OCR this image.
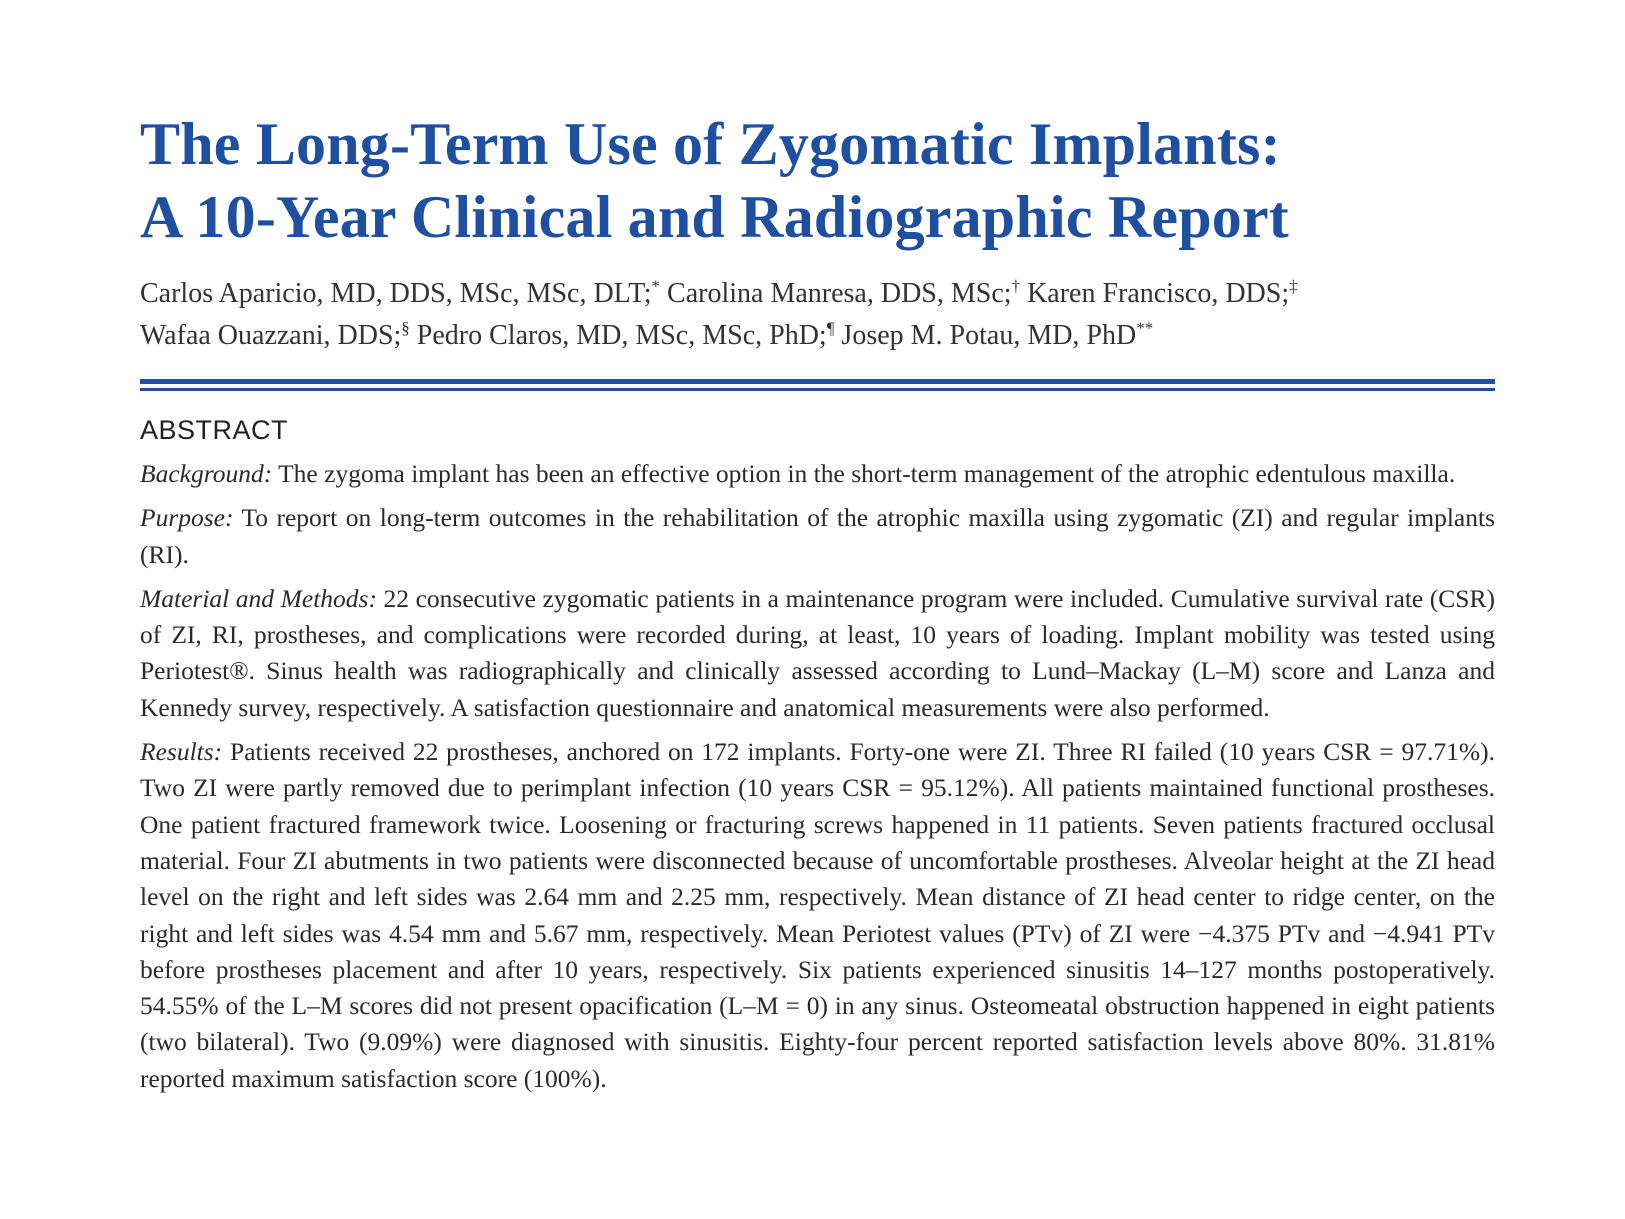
The Long-Term Use of Zygomatic Implants:
A 10-Year Clinical and Radiographic Report
Carlos Aparicio, MD, DDS, MSc, MSc, DLT;* Carolina Manresa, DDS, MSc;† Karen Francisco, DDS;‡
Wafaa Ouazzani, DDS;§ Pedro Claros, MD, MSc, MSc, PhD;¶ Josep M. Potau, MD, PhD**
ABSTRACT

Background: The zygoma implant has been an effective option in the short-term management of the atrophic edentulous maxilla.

Purpose: To report on long-term outcomes in the rehabilitation of the atrophic maxilla using zygomatic (ZI) and regular implants (RI).

Material and Methods: 22 consecutive zygomatic patients in a maintenance program were included. Cumulative survival rate (CSR) of ZI, RI, prostheses, and complications were recorded during, at least, 10 years of loading. Implant mobility was tested using Periotest®. Sinus health was radiographically and clinically assessed according to Lund–Mackay (L–M) score and Lanza and Kennedy survey, respectively. A satisfaction questionnaire and anatomical measurements were also performed.

Results: Patients received 22 prostheses, anchored on 172 implants. Forty-one were ZI. Three RI failed (10 years CSR = 97.71%). Two ZI were partly removed due to perimplant infection (10 years CSR = 95.12%). All patients maintained functional prostheses. One patient fractured framework twice. Loosening or fracturing screws happened in 11 patients. Seven patients fractured occlusal material. Four ZI abutments in two patients were disconnected because of uncomfortable prostheses. Alveolar height at the ZI head level on the right and left sides was 2.64 mm and 2.25 mm, respectively. Mean distance of ZI head center to ridge center, on the right and left sides was 4.54 mm and 5.67 mm, respectively. Mean Periotest values (PTv) of ZI were −4.375 PTv and −4.941 PTv before prostheses placement and after 10 years, respectively. Six patients experienced sinusitis 14–127 months postoperatively. 54.55% of the L–M scores did not present opacification (L–M = 0) in any sinus. Osteomeatal obstruction happened in eight patients (two bilateral). Two (9.09%) were diagnosed with sinusitis. Eighty-four percent reported satisfaction levels above 80%. 31.81% reported maximum satisfaction score (100%).
